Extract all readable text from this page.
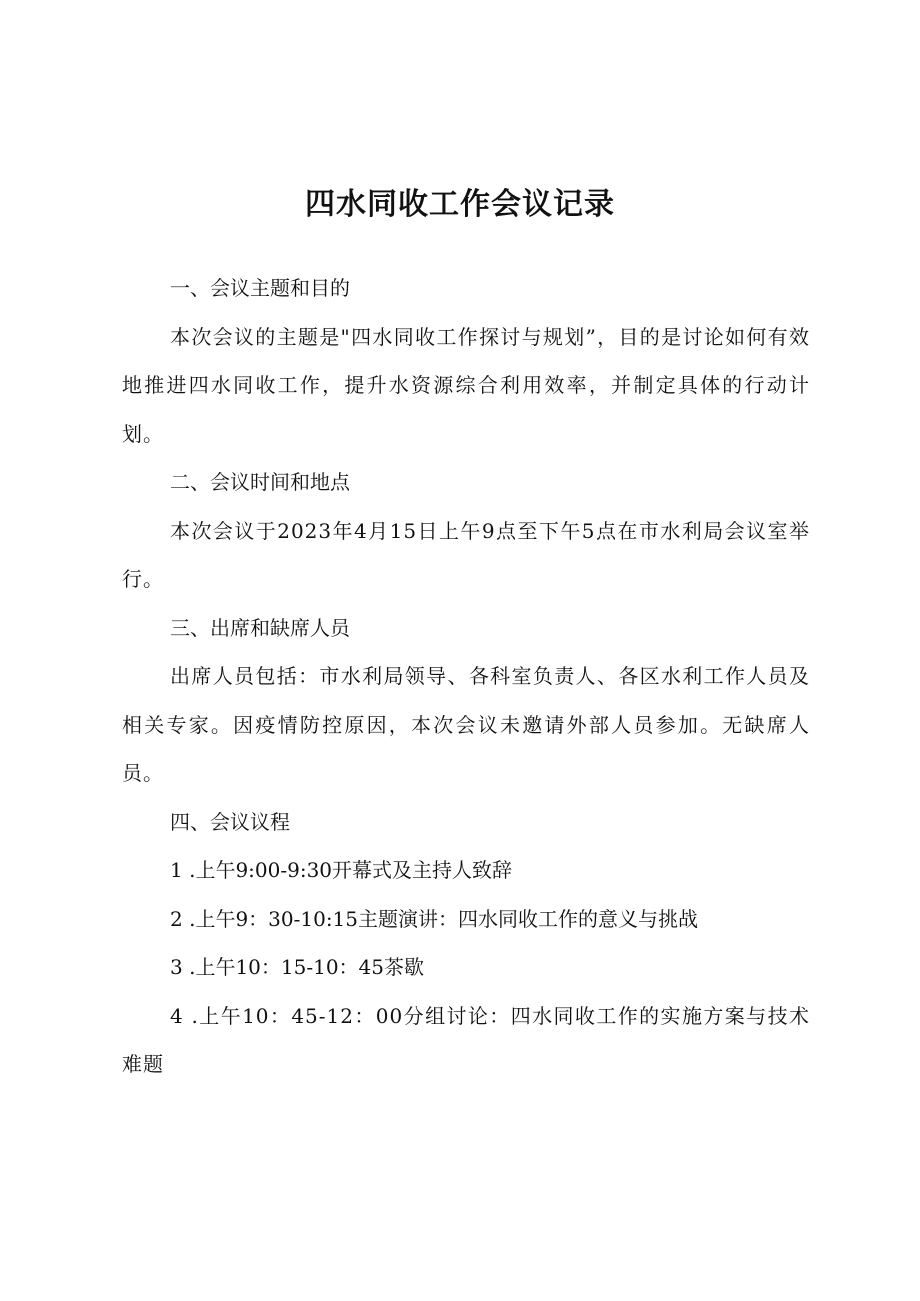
四水同收工作会议记录

一、会议主题和目的

本次会议的主题是"四水同收工作探讨与规划”，目的是讨论如何有效地推进四水同收工作，提升水资源综合利用效率，并制定具体的行动计划。

二、会议时间和地点

本次会议于2023年4月15日上午9点至下午5点在市水利局会议室举行。

三、出席和缺席人员

出席人员包括：市水利局领导、各科室负责人、各区水利工作人员及相关专家。因疫情防控原因，本次会议未邀请外部人员参加。无缺席人员。

四、会议议程

1 .上午9:00-9:30开幕式及主持人致辞

2 .上午9：30-10:15主题演讲：四水同收工作的意义与挑战

3 .上午10：15-10：45茶歇

4 .上午10：45-12：00分组讨论：四水同收工作的实施方案与技术难题
